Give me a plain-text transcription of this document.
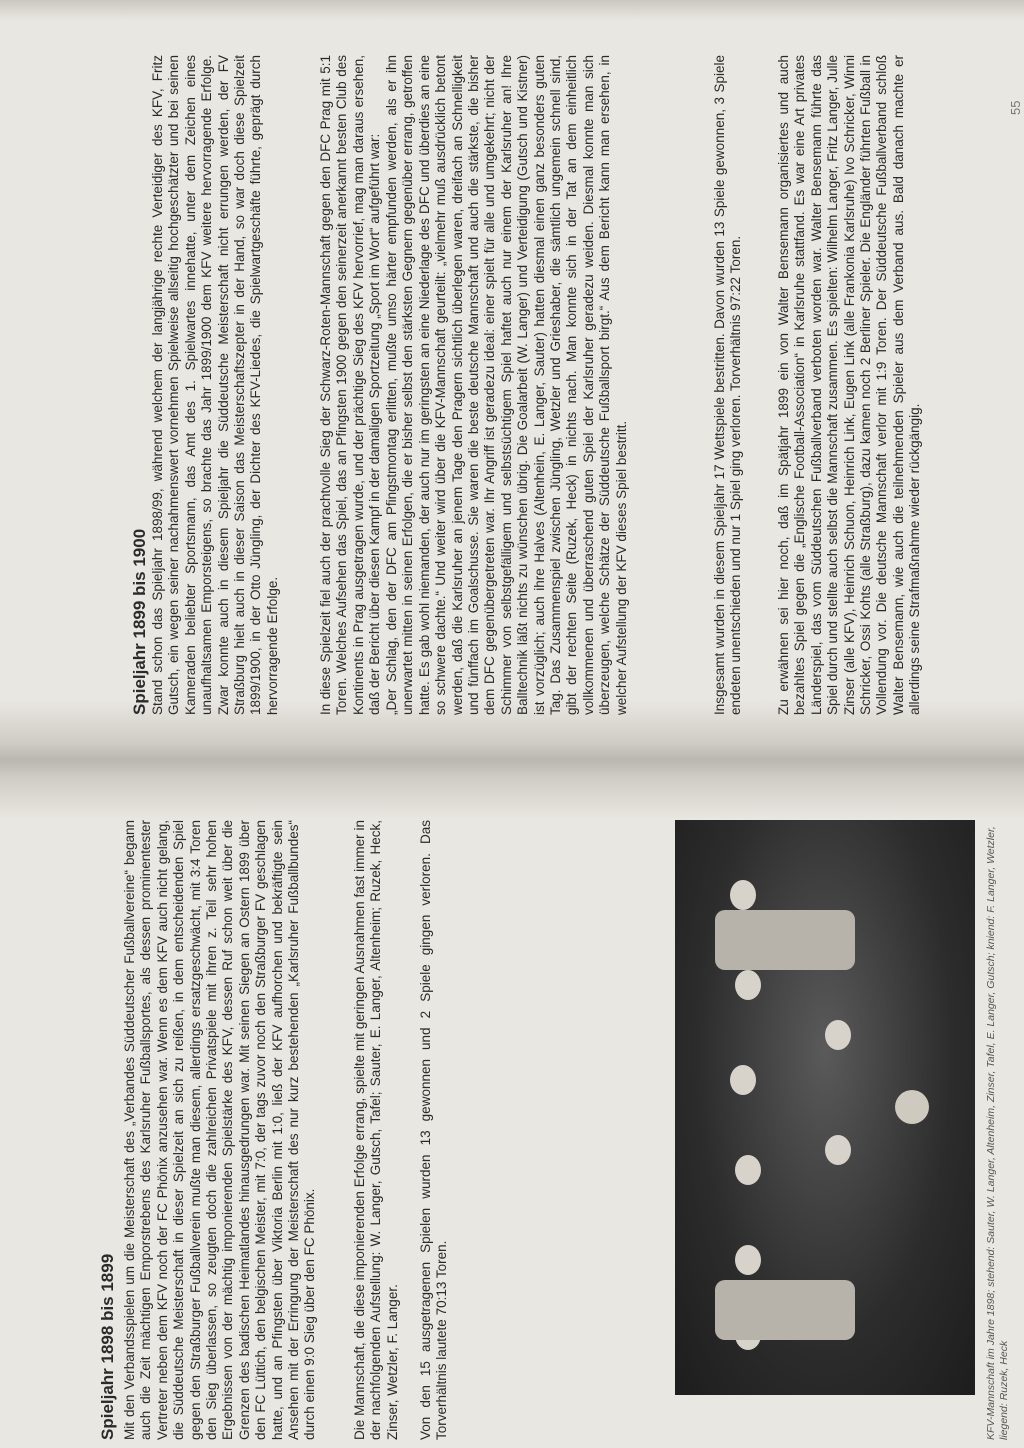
Spieljahr 1898 bis 1899 Mit den Verbandsspielen um die Meisterschaft des „Verbandes Süddeutscher Fußballvereine“ begann auch die Zeit mächtigen Emporstrebens des Karlsruher Fußballsportes, als dessen prominentester Vertreter neben dem KFV noch der FC Phönix anzusehen war. Wenn es dem KFV auch nicht gelang, die Süddeutsche Meisterschaft in dieser Spielzeit an sich zu reißen, in dem entscheidenden Spiel gegen den Straßburger Fußballverein mußte man diesem, allerdings ersatzgeschwächt, mit 3:4 Toren den Sieg überlassen, so zeugten doch die zahlreichen Privatspiele mit ihren z. Teil sehr hohen Ergebnissen von der mächtig imponierenden Spielstärke des KFV, dessen Ruf schon weit über die Grenzen des badischen Heimatlandes hinausgedrungen war. Mit seinen Siegen an Ostern 1899 über den FC Lüttich, den belgischen Meister, mit 7:0, der tags zuvor noch den Straßburger FV geschlagen hatte, und an Pfingsten über Viktoria Berlin mit 1:0, ließ der KFV aufhorchen und bekräftigte sein Ansehen mit der Erringung der Meisterschaft des nur kurz bestehenden „Karlsruher Fußballbundes“ durch einen 9:0 Sieg über den FC Phönix.	Die Mannschaft, die diese imponierenden Erfolge errang, spielte mit geringen Ausnahmen fast immer in der nachfolgenden Aufstellung: W. Langer, Gutsch, Tafel; Sauter, E. Langer, Altenheim; Ruzek, Heck, Zinser, Wetzler, F. Langer.	Von den 15 ausgetragenen Spielen wurden 13 gewonnen und 2 Spiele gingen verloren. Das Torverhältnis lautete 70:13 Toren.	KFV-Mannschaft im Jahre 1898; stehend: Sauter, W. Langer, Altenheim, Zinser, Tafel, E. Langer, Gutsch; kniend: F. Langer, Wetzler, liegend: Ruzek, Heck
Spieljahr 1899 bis 1900 Stand schon das Spieljahr 1898/99, während welchem der langjährige rechte Verteidiger des KFV, Fritz Gutsch, ein wegen seiner nachahmenswert vornehmen Spielweise allseitig hochgeschätzter und bei seinen Kameraden beliebter Sportsmann, das Amt des 1. Spielwartes innehatte, unter dem Zeichen eines unaufhaltsamen Emporsteigens, so brachte das Jahr 1899/1900 dem KFV weitere hervorragende Erfolge. Zwar konnte auch in diesem Spieljahr die Süddeutsche Meisterschaft nicht errungen werden, der FV Straßburg hielt auch in dieser Saison das Meisterschaftszepter in der Hand, so war doch diese Spielzeit 1899/1900, in der Otto Jüngling, der Dichter des KFV-Liedes, die Spielwartgeschäfte führte, geprägt durch hervorragende Erfolge.	In diese Spielzeit fiel auch der prachtvolle Sieg der Schwarz-Roten-Mannschaft gegen den DFC Prag mit 5:1 Toren. Welches Aufsehen das Spiel, das an Pfingsten 1900 gegen den seinerzeit anerkannt besten Club des Kontinents in Prag ausgetragen wurde, und der prächtige Sieg des KFV hervorrief, mag man daraus ersehen, daß der Bericht über diesen Kampf in der damaligen Sportzeitung „Sport im Wort“ aufgeführt war: „Der Schlag, den der DFC am Pfingstmontag erlitten, mußte umso härter empfunden werden, als er ihn unerwartet mitten in seinen Erfolgen, die er bisher selbst den stärksten Gegnern gegenüber errang, getroffen hatte. Es gab wohl niemanden, der auch nur im geringsten an eine Niederlage des DFC und überdies an eine so schwere dachte.“ Und weiter wird über die KFV-Mannschaft geurteilt: „vielmehr muß ausdrücklich betont werden, daß die Karlsruher an jenem Tage den Pragern sichtlich überlegen waren, dreifach an Schnelligkeit und fünffach im Goalschusse. Sie waren die beste deutsche Mannschaft und auch die stärkste, die bisher dem DFC gegenübergetreten war. Ihr Angriff ist geradezu ideal: einer spielt für alle und umgekehrt; nicht der Schimmer von selbstgefälligem und selbstsüchtigem Spiel haftet auch nur einem der Karlsruher an! Ihre Balltechnik läßt nichts zu wünschen übrig. Die Goalarbeit (W. Langer) und Verteidigung (Gutsch und Kistner) ist vorzüglich; auch ihre Halves (Altenhein, E. Langer, Sauter) hatten diesmal einen ganz besonders guten Tag. Das Zusammenspiel zwischen Jüngling, Wetzler und Grieshaber, die sämtlich ungemein schnell sind, gibt der rechten Seite (Ruzek, Heck) in nichts nach. Man konnte sich in der Tat an dem einheitlich vollkommenen und überraschend guten Spiel der Karlsruher geradezu weiden. Diesmal konnte man sich überzeugen, welche Schätze der Süddeutsche Fußballsport birgt.“ Aus dem Bericht kann man ersehen, in welcher Aufstellung der KFV dieses Spiel bestritt.	Insgesamt wurden in diesem Spieljahr 17 Wettspiele bestritten. Davon wurden 13 Spiele gewonnen, 3 Spiele endeten unentschieden und nur 1 Spiel ging verloren. Torverhältnis 97:22 Toren.	Zu erwähnen sei hier noch, daß im Spätjahr 1899 ein von Walter Bensemann organisiertes und auch bezahltes Spiel gegen die „Englische Football-Association“ in Karlsruhe stattfand. Es war eine Art privates Länderspiel, das vom Süddeutschen Fußballverband verboten worden war. Walter Bensemann führte das Spiel durch und stellte auch selbst die Mannschaft zusammen. Es spielten: Wilhelm Langer, Fritz Langer, Julle Zinser (alle KFV), Heinrich Schuon, Heinrich Link, Eugen Link (alle Frankonia Karlsruhe) Ivo Schricker, Winni Schricker, Ossi Kohts (alle Straßburg), dazu kamen noch 2 Berliner Spieler. Die Engländer führten Fußball in Vollendung vor. Die deutsche Mannschaft verlor mit 1:9 Toren. Der Süddeutsche Fußballverband schloß Walter Bensemann, wie auch die teilnehmenden Spieler aus dem Verband aus. Bald danach machte er allerdings seine Strafmaßnahme wieder rückgängig.

55
